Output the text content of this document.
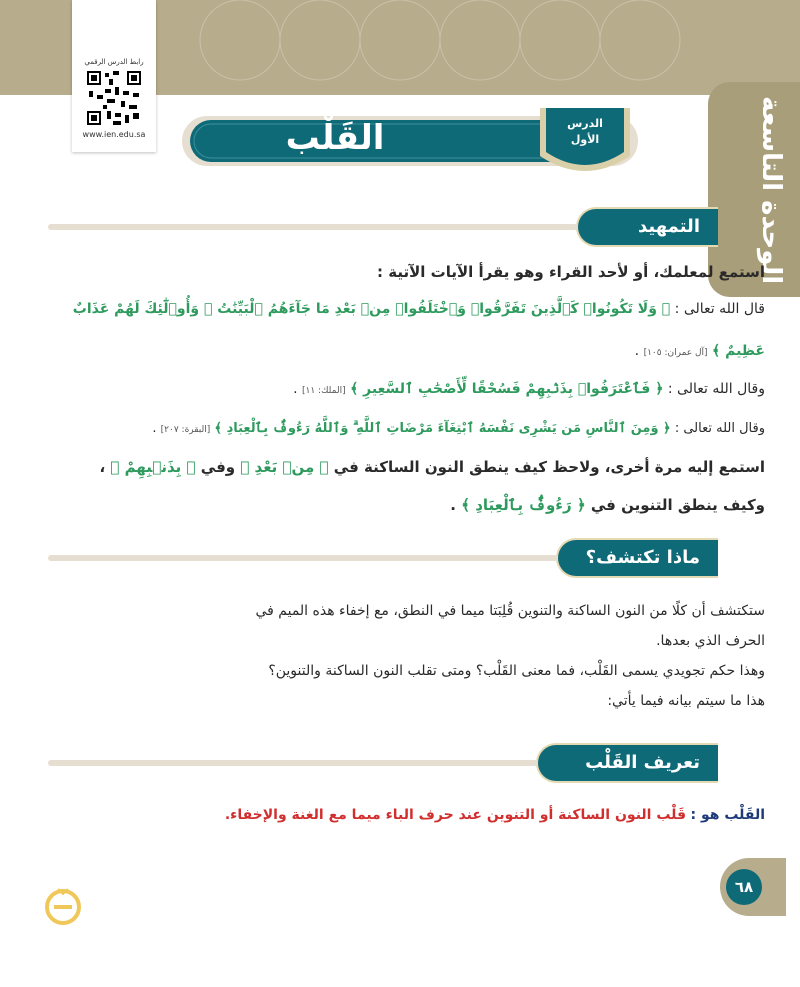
الوحدة التاسعة
رابط الدرس الرقمي
www.ien.edu.sa	القَلْب	الدرس
الأول
التمهيد
استمع لمعلمك، أو لأحد القراء وهو يقرأ الآيات الآتية :
قال الله تعالى : ﴿ وَلَا تَكُونُوا۟ كَٱلَّذِينَ تَفَرَّقُوا۟ وَٱخْتَلَفُوا۟ مِنۢ بَعْدِ مَا جَآءَهُمُ ٱلْبَيِّنَٰتُ ۚ وَأُو۟لَٰٓئِكَ لَهُمْ عَذَابٌ
عَظِيمٌ ﴾ [آل عمران: ١٠٥] .
وقال الله تعالى : ﴿ فَٱعْتَرَفُوا۟ بِذَنۢبِهِمْ فَسُحْقًا لِّأَصْحَٰبِ ٱلسَّعِيرِ ﴾ [الملك: ١١] .
وقال الله تعالى : ﴿ وَمِنَ ٱلنَّاسِ مَن يَشْرِى نَفْسَهُ ٱبْتِغَآءَ مَرْضَاتِ ٱللَّهِ ۗ وَٱللَّهُ رَءُوفٌۢ بِٱلْعِبَادِ ﴾ [البقرة: ٢٠٧] .
استمع إليه مرة أخرى، ولاحظ كيف ينطق النون الساكنة في ﴿ مِنۢ بَعْدِ ﴾ وفي ﴿ بِذَنۢبِهِمْ ﴾ ،
وكيف ينطق التنوين في ﴿ رَءُوفٌۢ بِٱلْعِبَادِ ﴾ .
ماذا تكتشف؟
ستكتشف أن كلًا من النون الساكنة والتنوين قُلِبَتا ميما في النطق، مع إخفاء هذه الميم في
الحرف الذي بعدها.
وهذا حكم تجويدي يسمى القَلْب، فما معنى القَلْب؟ ومتى تقلب النون الساكنة والتنوين؟
هذا ما سيتم بيانه فيما يأتي:
تعريف القَلْب
القَلْب هو : قَلْب النون الساكنة أو التنوين عند حرف الباء ميما مع الغنة والإخفاء.
٦٨
